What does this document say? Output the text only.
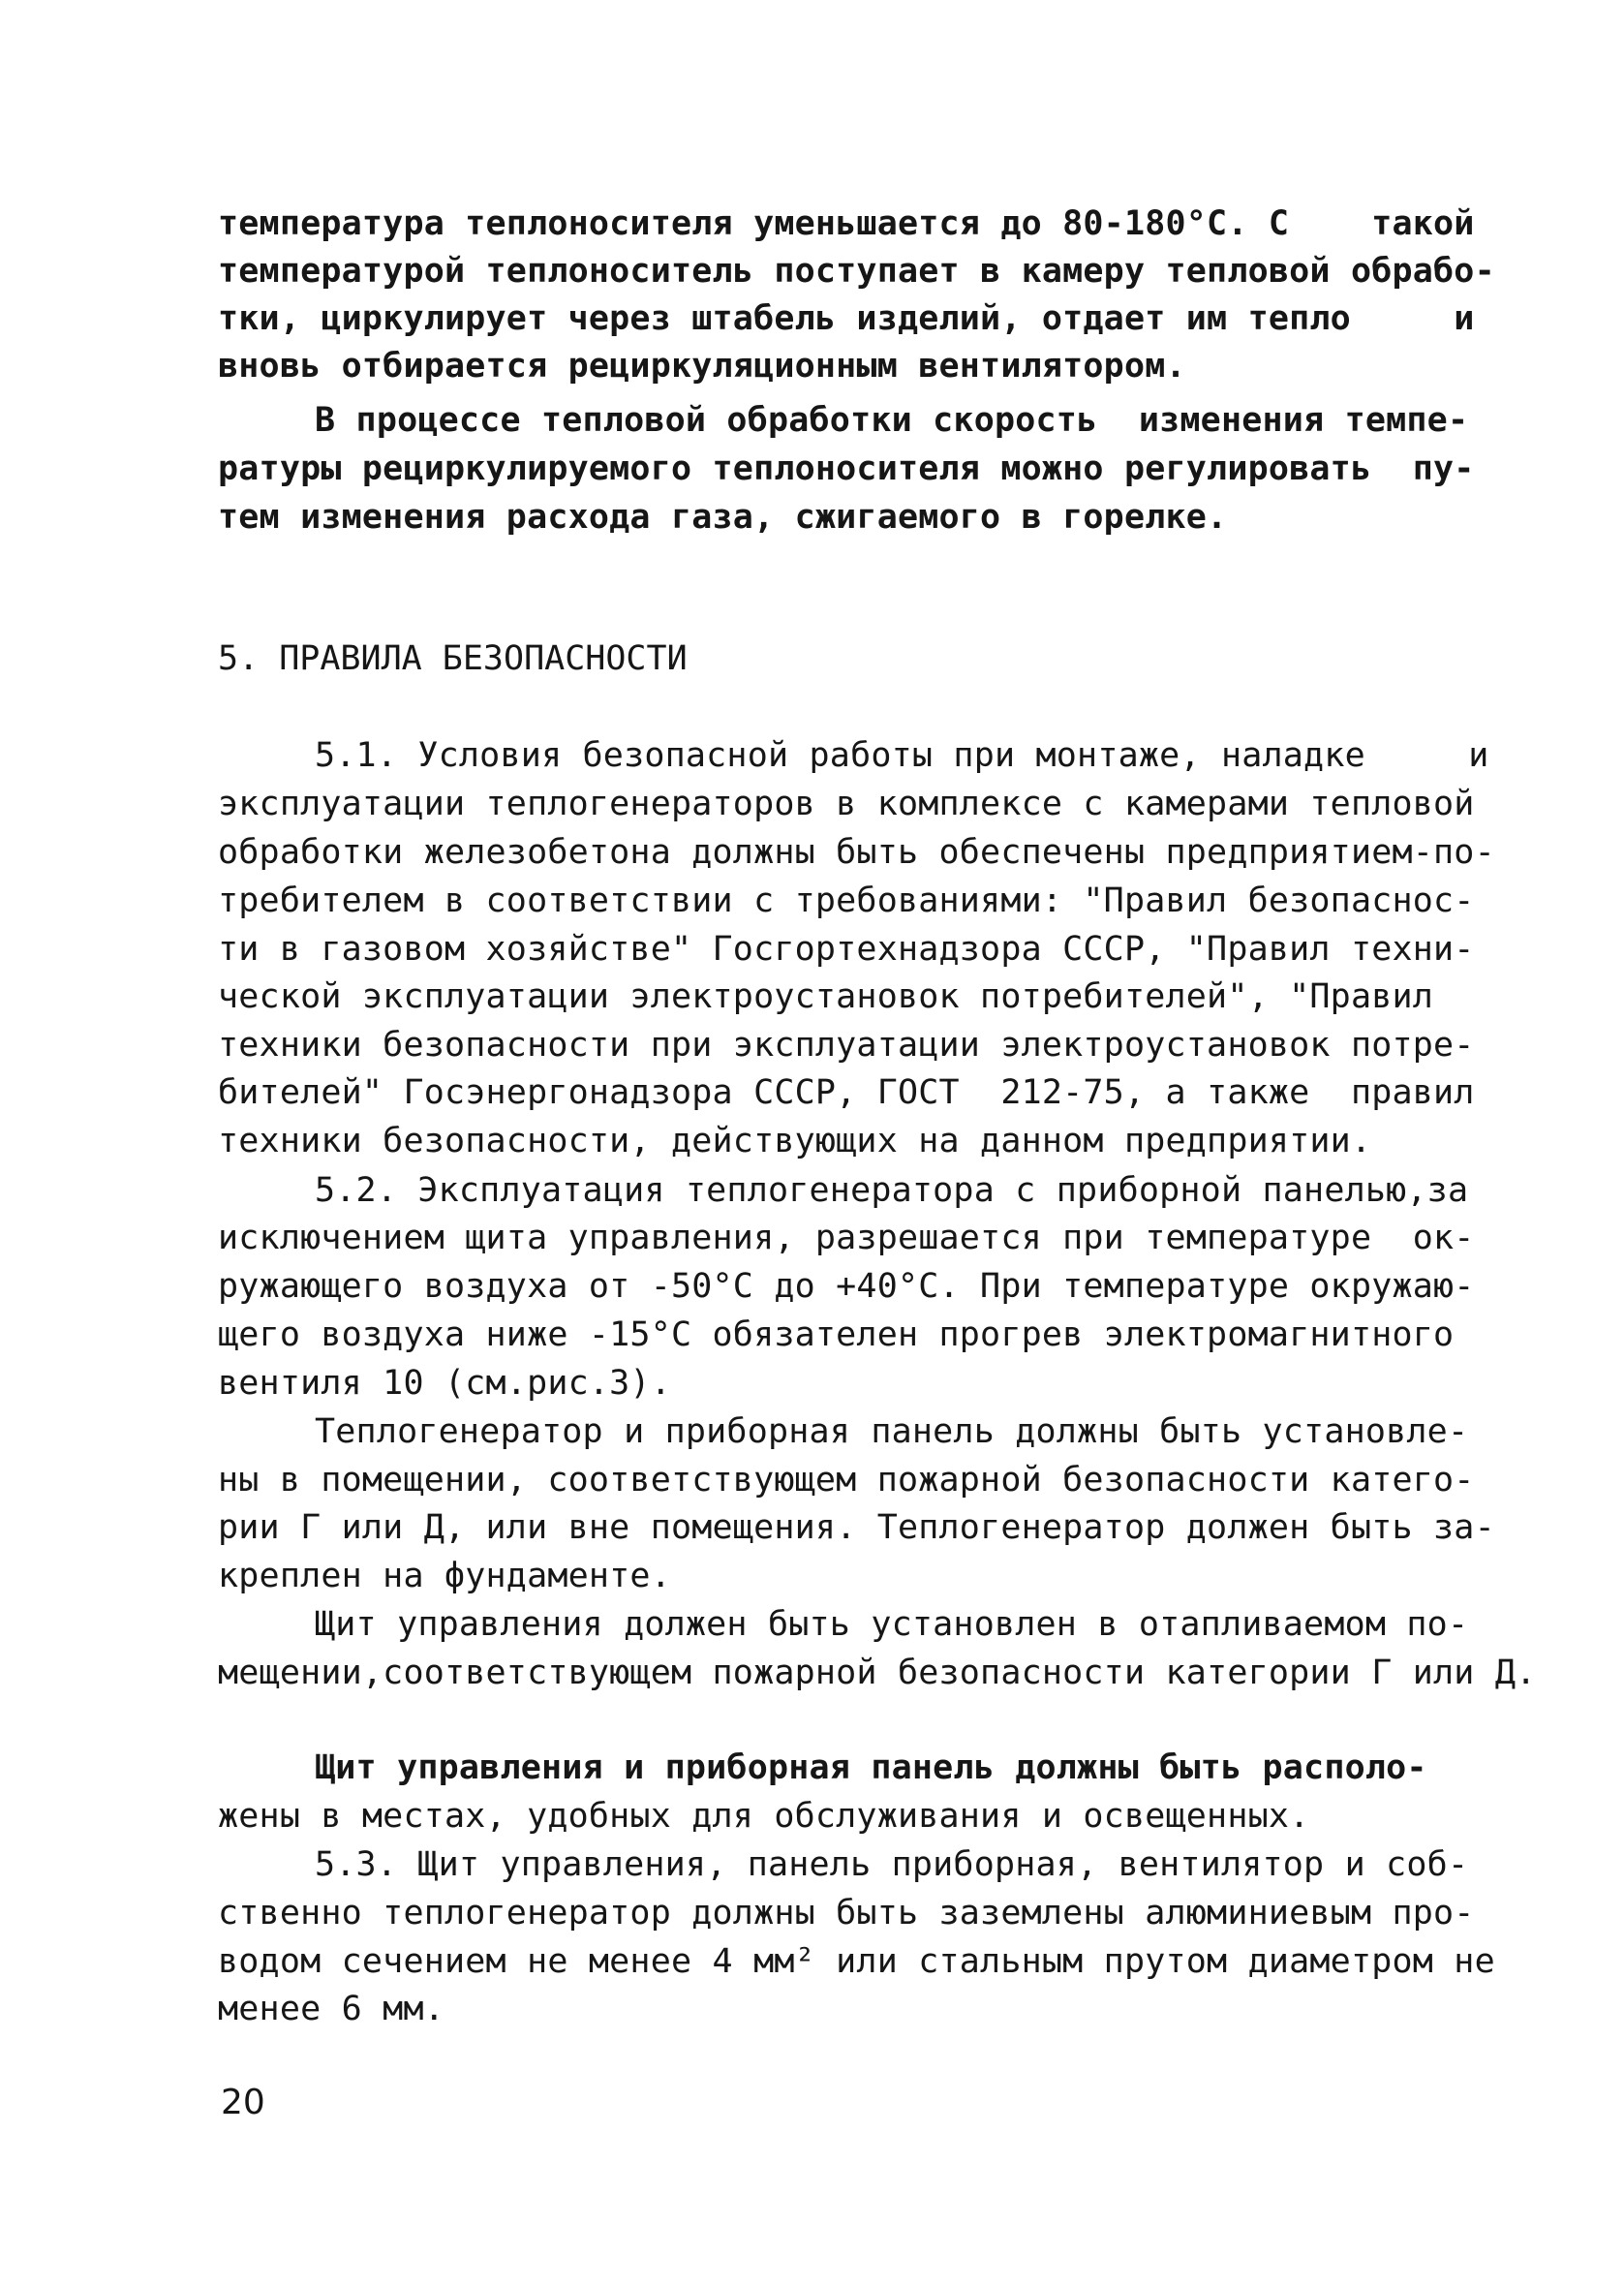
температура теплоносителя уменьшается до 80-180°С. С    такой
температурой теплоноситель поступает в камеру тепловой обрабо-
тки, циркулирует через штабель изделий, отдает им тепло     и
вновь отбирается рециркуляционным вентилятором.
В процессе тепловой обработки скорость  изменения темпе-
ратуры рециркулируемого теплоносителя можно регулировать  пу-
тем изменения расхода газа, сжигаемого в горелке.
5. ПРАВИЛА БЕЗОПАСНОСТИ
5.1. Условия безопасной работы при монтаже, наладке     и
эксплуатации теплогенераторов в комплексе с камерами тепловой
обработки железобетона должны быть обеспечены предприятием-по-
требителем в соответствии с требованиями: "Правил безопаснос-
ти в газовом хозяйстве" Госгортехнадзора СССР, "Правил техни-
ческой эксплуатации электроустановок потребителей", "Правил
техники безопасности при эксплуатации электроустановок потре-
бителей" Госэнергонадзора СССР, ГОСТ  212-75, а также  правил
техники безопасности, действующих на данном предприятии.
5.2. Эксплуатация теплогенератора с приборной панелью,за
исключением щита управления, разрешается при температуре  ок-
ружающего воздуха от -50°С до +40°С. При температуре окружаю-
щего воздуха ниже -15°С обязателен прогрев электромагнитного
вентиля 10 (см.рис.3).
Теплогенератор и приборная панель должны быть установле-
ны в помещении, соответствующем пожарной безопасности катего-
рии Г или Д, или вне помещения. Теплогенератор должен быть за-
креплен на фундаменте.
Щит управления должен быть установлен в отапливаемом по-
мещении,соответствующем пожарной безопасности категории Г или Д.
Щит управления и приборная панель должны быть располо-
жены в местах, удобных для обслуживания и освещенных.
5.3. Щит управления, панель приборная, вентилятор и соб-
ственно теплогенератор должны быть заземлены алюминиевым про-
водом сечением не менее 4 мм² или стальным прутом диаметром не
менее 6 мм.
20
